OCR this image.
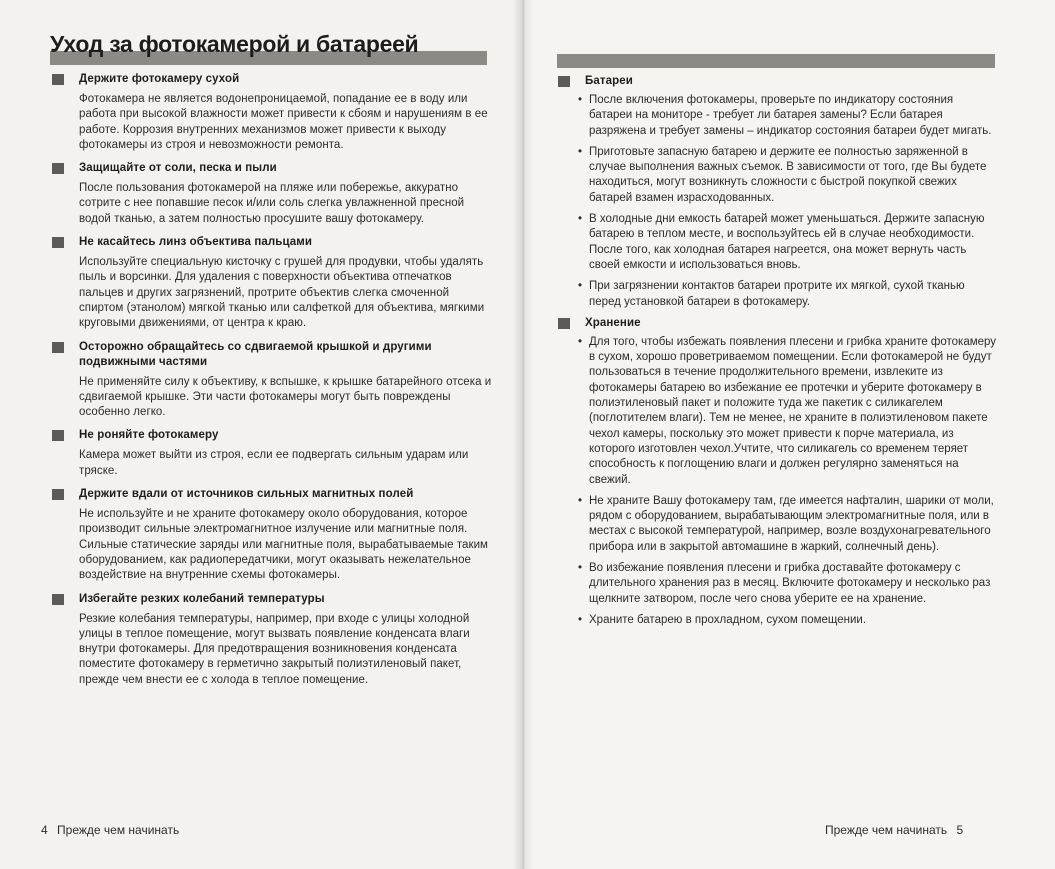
Уход за фотокамерой и батареей
Держите фотокамеру сухой

Фотокамера не является водонепроницаемой, попадание ее в воду или работа при высокой влажности может привести к сбоям и нарушениям в ее работе. Коррозия внутренних механизмов может привести к выходу фотокамеры из строя и невозможности ремонта.

Защищайте от соли, песка и пыли

После пользования фотокамерой на пляже или побережье, аккуратно сотрите с нее попавшие песок и/или соль слегка увлажненной пресной водой тканью, а затем полностью просушите вашу фотокамеру.

Не касайтесь линз объектива пальцами

Используйте специальную кисточку с грушей для продувки, чтобы удалять пыль и ворсинки. Для удаления с поверхности объектива отпечатков пальцев и других загрязнений, протрите объектив слегка смоченной спиртом (этанолом) мягкой тканью или салфеткой для объектива, мягкими круговыми движениями, от центра к краю.

Осторожно обращайтесь со сдвигаемой крышкой и другими подвижными частями

Не применяйте силу к объективу, к вспышке, к крышке батарейного отсека и сдвигаемой крышке. Эти части фотокамеры могут быть повреждены особенно легко.

Не роняйте фотокамеру

Камера может выйти из строя, если ее подвергать сильным ударам или тряске.

Держите вдали от источников сильных магнитных полей

Не используйте и не храните фотокамеру около оборудования, которое производит сильные электромагнитное излучение или магнитные поля. Сильные статические заряды или магнитные поля, вырабатываемые таким оборудованием, как радиопередатчики, могут оказывать нежелательное воздействие на внутренние схемы фотокамеры.

Избегайте резких колебаний температуры

Резкие колебания температуры, например, при входе с улицы холодной улицы в теплое помещение, могут вызвать появление конденсата влаги внутри фотокамеры. Для предотвращения возникновения конденсата поместите фотокамеру в герметично закрытый полиэтиленовый пакет, прежде чем внести ее с холода в теплое помещение.

4 Прежде чем начинать
Батареи
• После включения фотокамеры, проверьте по индикатору состояния батареи на мониторе - требует ли батарея замены? Если батарея разряжена и требует замены – индикатор состояния батареи будет мигать.
• Приготовьте запасную батарею и держите ее полностью заряженной в случае выполнения важных съемок. В зависимости от того, где Вы будете находиться, могут возникнуть сложности с быстрой покупкой свежих батарей взамен израсходованных.
• В холодные дни емкость батарей может уменьшаться. Держите запасную батарею в теплом месте, и воспользуйтесь ей в случае необходимости. После того, как холодная батарея нагреется, она может вернуть часть своей емкости и использоваться вновь.
• При загрязнении контактов батареи протрите их мягкой, сухой тканью перед установкой батареи в фотокамеру.
Хранение
• Для того, чтобы избежать появления плесени и грибка храните фотокамеру в сухом, хорошо проветриваемом помещении. Если фотокамерой не будут пользоваться в течение продолжительного времени, извлеките из фотокамеры батарею во избежание ее протечки и уберите фотокамеру в полиэтиленовый пакет и положите туда же пакетик с силикагелем (поглотителем влаги). Тем не менее, не храните в полиэтиленовом пакете чехол камеры, поскольку это может привести к порче материала, из которого изготовлен чехол.Учтите, что силикагель со временем теряет способность к поглощению влаги и должен регулярно заменяться на свежий.
• Не храните Вашу фотокамеру там, где имеется нафталин, шарики от моли, рядом с оборудованием, вырабатывающим электромагнитные поля, или в местах с высокой температурой, например, возле воздухонагревательного прибора или в закрытой автомашине в жаркий, солнечный день).
• Во избежание появления плесени и грибка доставайте фотокамеру с длительного хранения раз в месяц. Включите фотокамеру и несколько раз щелкните затвором, после чего снова уберите ее на хранение.
• Храните батарею в прохладном, сухом помещении.
Прежде чем начинать 5
